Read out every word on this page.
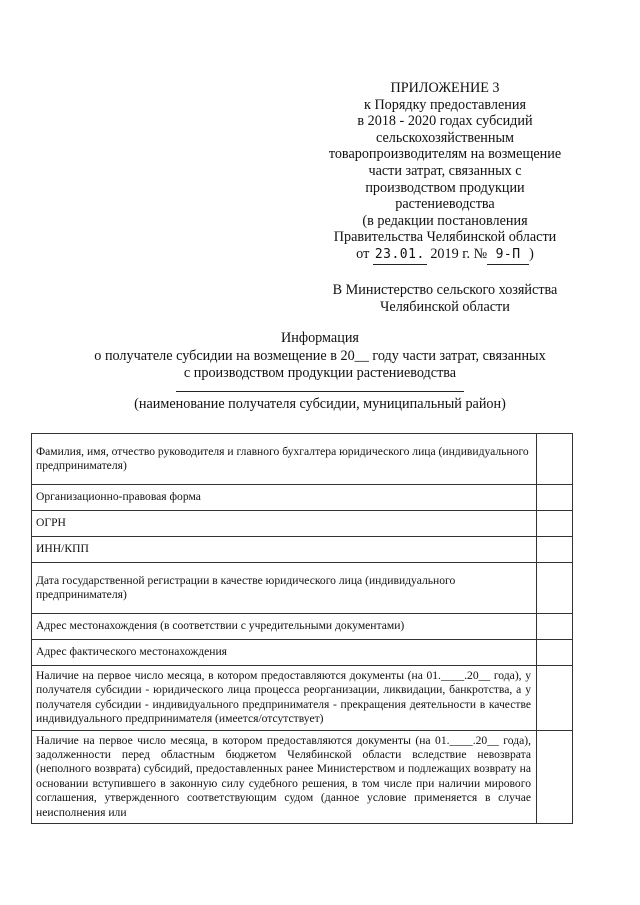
ПРИЛОЖЕНИЕ 3
к Порядку предоставления
в 2018 - 2020 годах субсидий
сельскохозяйственным
товаропроизводителям на возмещение
части затрат, связанных с
производством продукции
растениеводства
(в редакции постановления
Правительства Челябинской области
от 23.01. 2019 г. № 9-П )
В Министерство сельского хозяйства
Челябинской области
Информация
о получателе субсидии на возмещение в 20__ году части затрат, связанных
с производством продукции растениеводства
(наименование получателя субсидии, муниципальный район)
Фамилия, имя, отчество руководителя и главного бухгалтера юридического лица (индивидуального предпринимателя)	
Организационно-правовая форма	
ОГРН	
ИНН/КПП	
Дата государственной регистрации в качестве юридического лица (индивидуального предпринимателя)	
Адрес местонахождения (в соответствии с учредительными документами)	
Адрес фактического местонахождения	
Наличие на первое число месяца, в котором предоставляются документы (на 01.____.20__ года), у получателя субсидии - юридического лица процесса реорганизации, ликвидации, банкротства, а у получателя субсидии - индивидуального предпринимателя - прекращения деятельности в качестве индивидуального предпринимателя (имеется/отсутствует)	
Наличие на первое число месяца, в котором предоставляются документы (на 01.____.20__ года), задолженности перед областным бюджетом Челябинской области вследствие невозврата (неполного возврата) субсидий, предоставленных ранее Министерством и подлежащих возврату на основании вступившего в законную силу судебного решения, в том числе при наличии мирового соглашения, утвержденного соответствующим судом (данное условие применяется в случае неисполнения или	
